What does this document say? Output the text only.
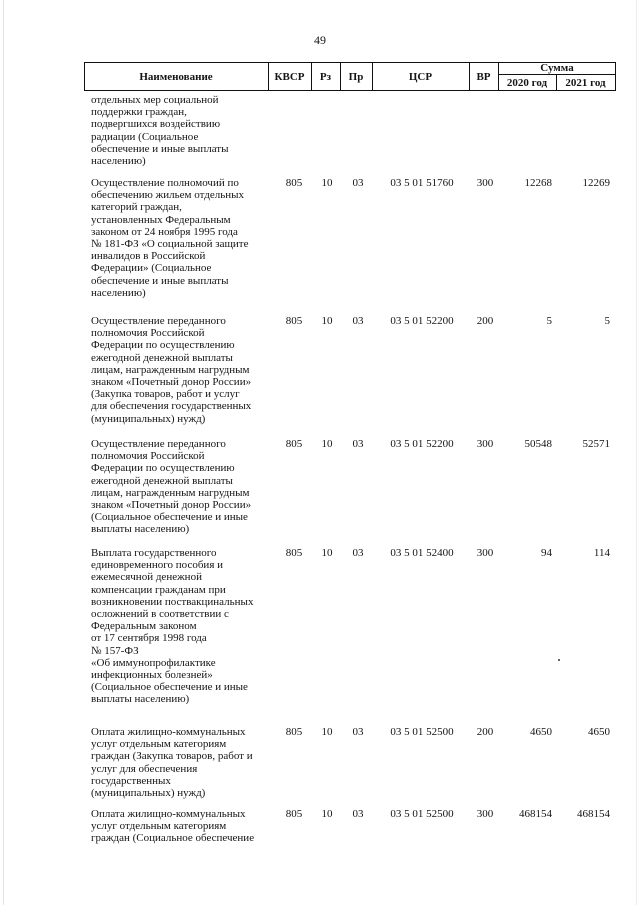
49
Наименование	КВСР	Рз	Пр	ЦСР	ВР
Сумма
2020 год	2021 год
отдельных мер социальной
поддержки граждан,
подвергшихся воздействию
радиации (Социальное
обеспечение и иные выплаты
населению)
Осуществление полномочий по
обеспечению жильем отдельных
категорий граждан,
установленных Федеральным
законом от 24 ноября 1995 года
№ 181-ФЗ «О социальной защите
инвалидов в Российской
Федерации» (Социальное
обеспечение и иные выплаты
населению)
805 10 03	03 5 01 51760	300	12268	12269
Осуществление переданного
полномочия Российской
Федерации по осуществлению
ежегодной денежной выплаты
лицам, награжденным нагрудным
знаком «Почетный донор России»
(Закупка товаров, работ и услуг
для обеспечения государственных
(муниципальных) нужд)
805 10 03	03 5 01 52200	200	5	5
Осуществление переданного
полномочия Российской
Федерации по осуществлению
ежегодной денежной выплаты
лицам, награжденным нагрудным
знаком «Почетный донор России»
(Социальное обеспечение и иные
выплаты населению)
805 10 03	03 5 01 52200	300	50548	52571
Выплата государственного
единовременного пособия и
ежемесячной денежной
компенсации гражданам при
возникновении поствакцинальных
осложнений в соответствии с
Федеральным законом
от 17 сентября 1998 года
№ 157-ФЗ
«Об иммунопрофилактике
инфекционных болезней»
(Социальное обеспечение и иные
выплаты населению)
805 10 03	03 5 01 52400	300	94	114
Оплата жилищно-коммунальных
услуг отдельным категориям
граждан (Закупка товаров, работ и
услуг для обеспечения
государственных
(муниципальных) нужд)
805 10 03	03 5 01 52500	200	4650	4650
Оплата жилищно-коммунальных
услуг отдельным категориям
граждан (Социальное обеспечение
805 10 03	03 5 01 52500	300	468154	468154
